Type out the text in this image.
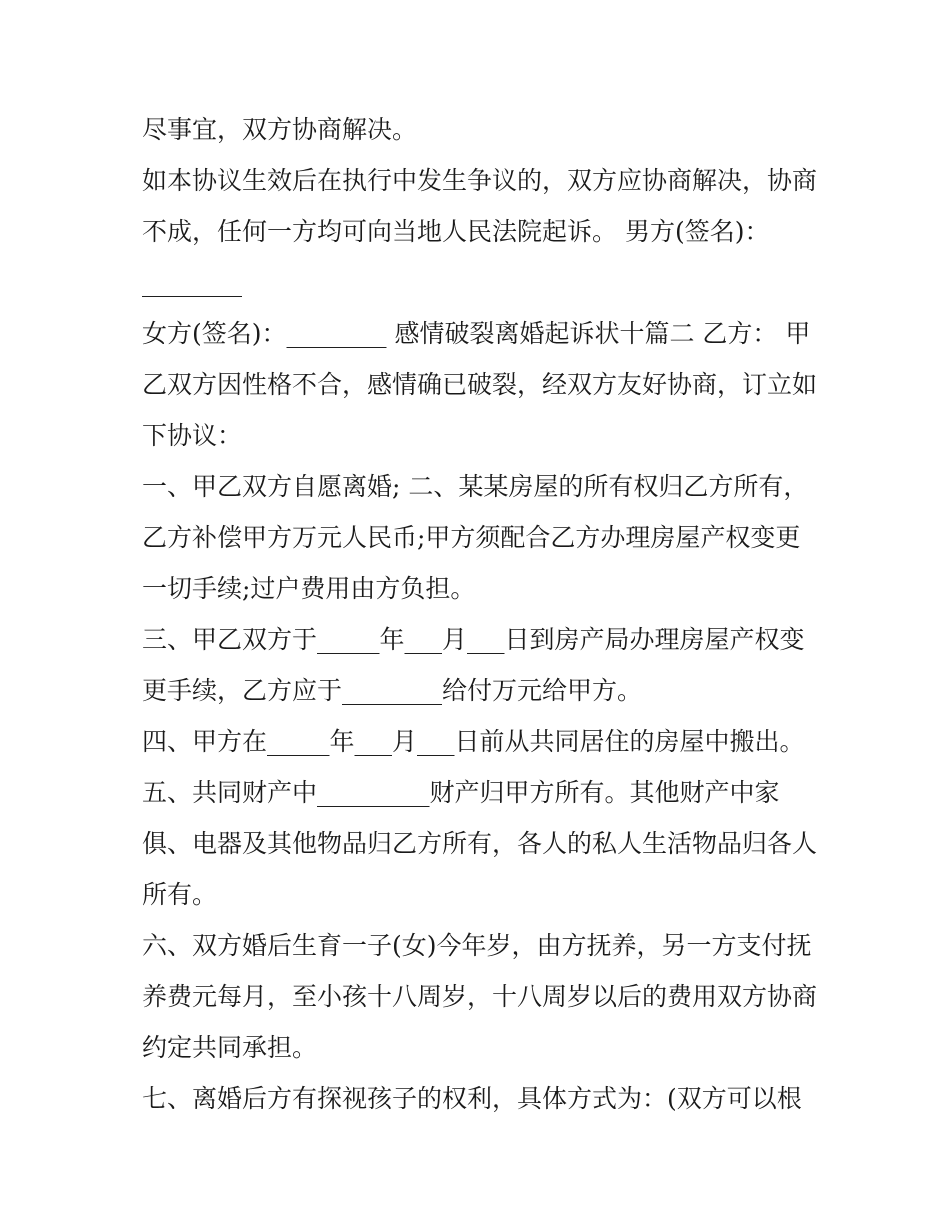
尽事宜，双方协商解决。
如本协议生效后在执行中发生争议的，双方应协商解决，协商
不成，任何一方均可向当地人民法院起诉。 男方(签名)：
________
女方(签名)：________ 感情破裂离婚起诉状十篇二 乙方： 甲
乙双方因性格不合，感情确已破裂，经双方友好协商，订立如
下协议：
一、甲乙双方自愿离婚; 二、某某房屋的所有权归乙方所有，
乙方补偿甲方万元人民币;甲方须配合乙方办理房屋产权变更
一切手续;过户费用由方负担。
三、甲乙双方于_____年___月___日到房产局办理房屋产权变
更手续，乙方应于________给付万元给甲方。
四、甲方在_____年___月___日前从共同居住的房屋中搬出。
五、共同财产中_________财产归甲方所有。其他财产中家
俱、电器及其他物品归乙方所有，各人的私人生活物品归各人
所有。
六、双方婚后生育一子(女)今年岁，由方抚养，另一方支付抚
养费元每月，至小孩十八周岁，十八周岁以后的费用双方协商
约定共同承担。
七、离婚后方有探视孩子的权利，具体方式为：(双方可以根
